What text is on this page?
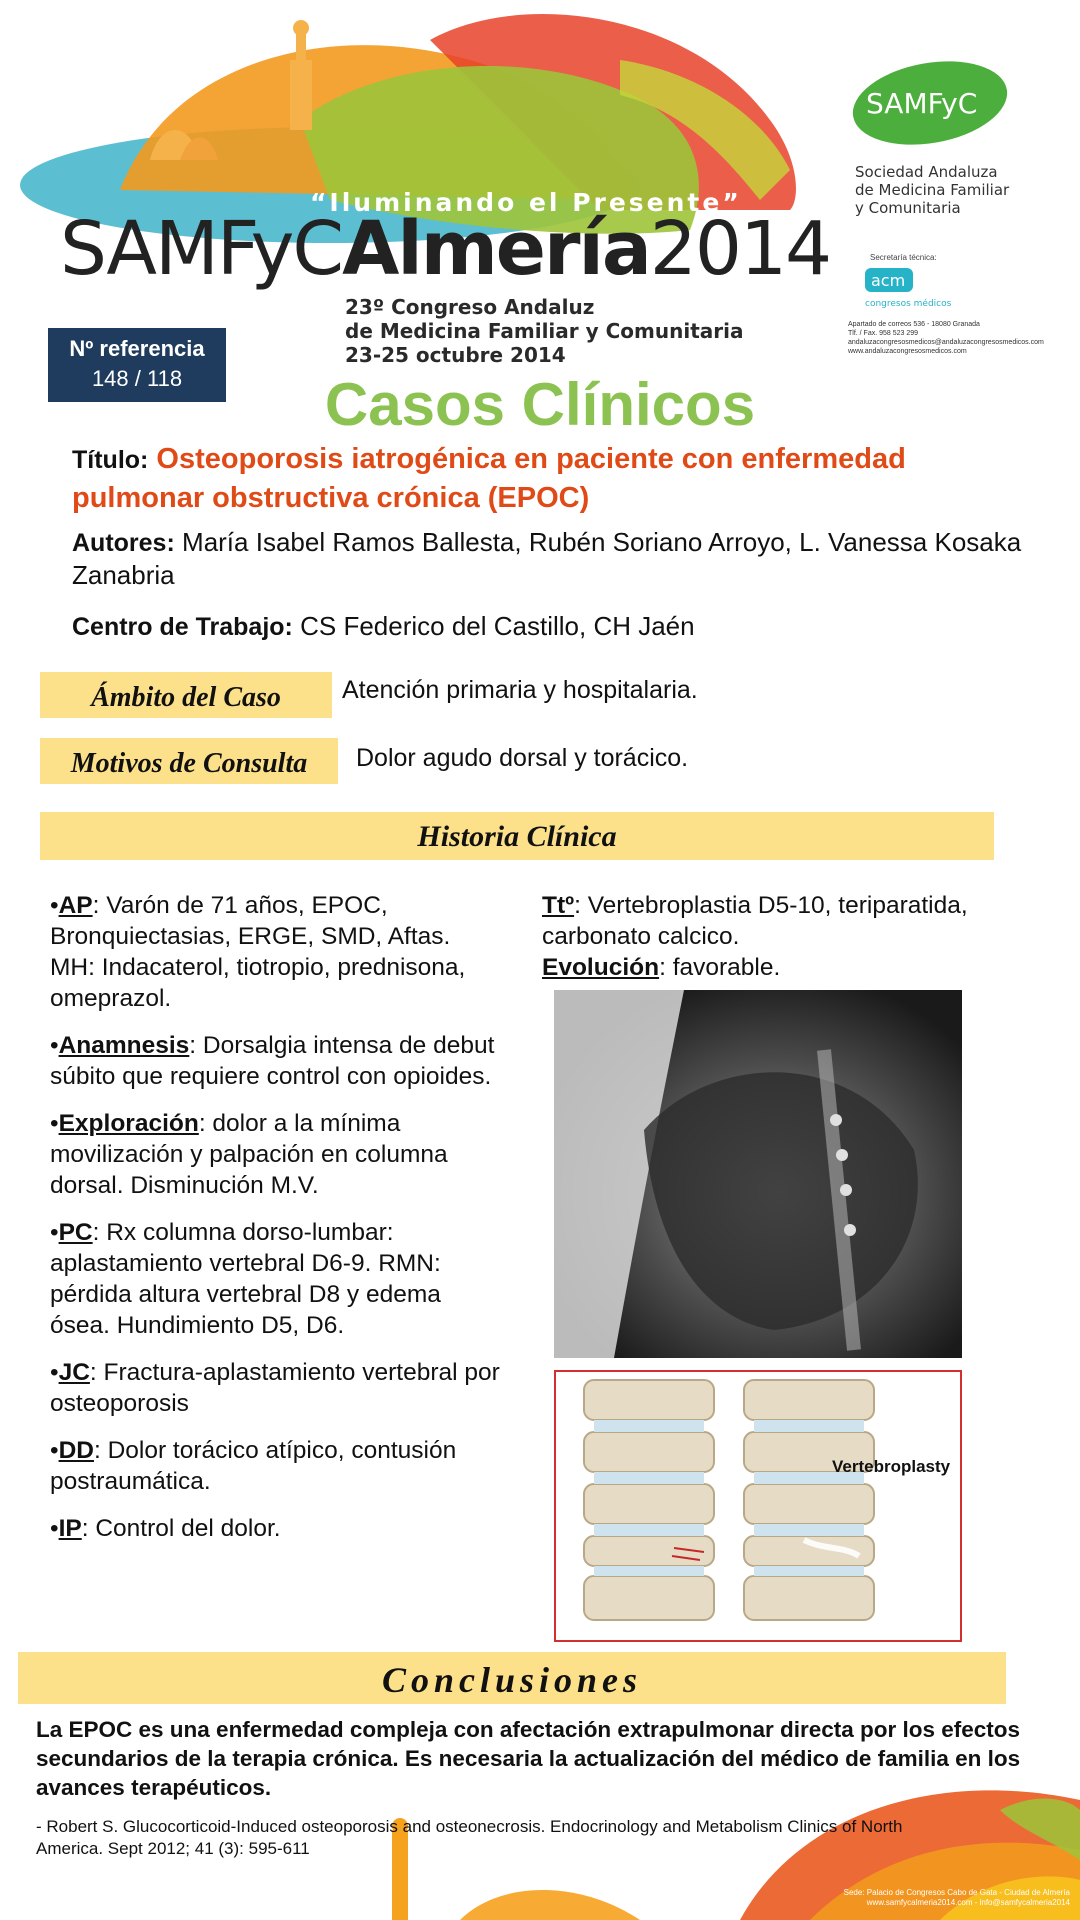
“Iluminando el Presente”
SAMFyCAlmería2014
23º Congreso Andaluz
de Medicina Familiar y Comunitaria
23-25 octubre 2014
SAMFyC
Sociedad Andaluza
de Medicina Familiar
y Comunitaria
Secretaría técnica:
acm
congresos médicos
Apartado de correos 536 - 18080 Granada
Tlf. / Fax. 958 523 299
andaluzacongresosmedicos@andaluzacongresosmedicos.com
www.andaluzacongresosmedicos.com
Nº referencia
148 / 118	Casos Clínicos
Título: Osteoporosis iatrogénica en paciente con enfermedad pulmonar obstructiva crónica (EPOC)
Autores: María Isabel Ramos Ballesta, Rubén Soriano Arroyo, L. Vanessa Kosaka Zanabria
Centro de Trabajo: CS Federico del Castillo, CH Jaén
Ámbito del Caso	Atención primaria y hospitalaria.
Motivos de Consulta	Dolor agudo dorsal y torácico.
Historia Clínica

•AP: Varón de 71 años, EPOC, Bronquiectasias, ERGE, SMD, Aftas. MH: Indacaterol, tiotropio, prednisona, omeprazol.

•Anamnesis: Dorsalgia intensa de debut súbito que requiere control con opioides.

•Exploración: dolor a la mínima movilización y palpación en columna dorsal. Disminución M.V.

•PC: Rx columna dorso-lumbar: aplastamiento vertebral D6-9. RMN: pérdida altura vertebral D8 y edema ósea. Hundimiento D5, D6.

•JC: Fractura-aplastamiento vertebral por osteoporosis

•DD: Dolor torácico atípico, contusión postraumática.

•IP: Control del dolor.

Ttº: Vertebroplastia D5-10, teriparatida, carbonato calcico.

Evolución: favorable.

Vertebroplasty
Conclusiones
La EPOC es una enfermedad compleja con afectación extrapulmonar directa por los efectos secundarios de la terapia crónica. Es necesaria la actualización del médico de familia en los avances terapéuticos.
- Robert S. Glucocorticoid-Induced osteoporosis and osteonecrosis. Endocrinology and Metabolism Clinics of North America. Sept 2012; 41 (3): 595-611
Sede: Palacio de Congresos Cabo de Gata - Ciudad de Almería
www.samfycalmeria2014.com - info@samfycalmeria2014
